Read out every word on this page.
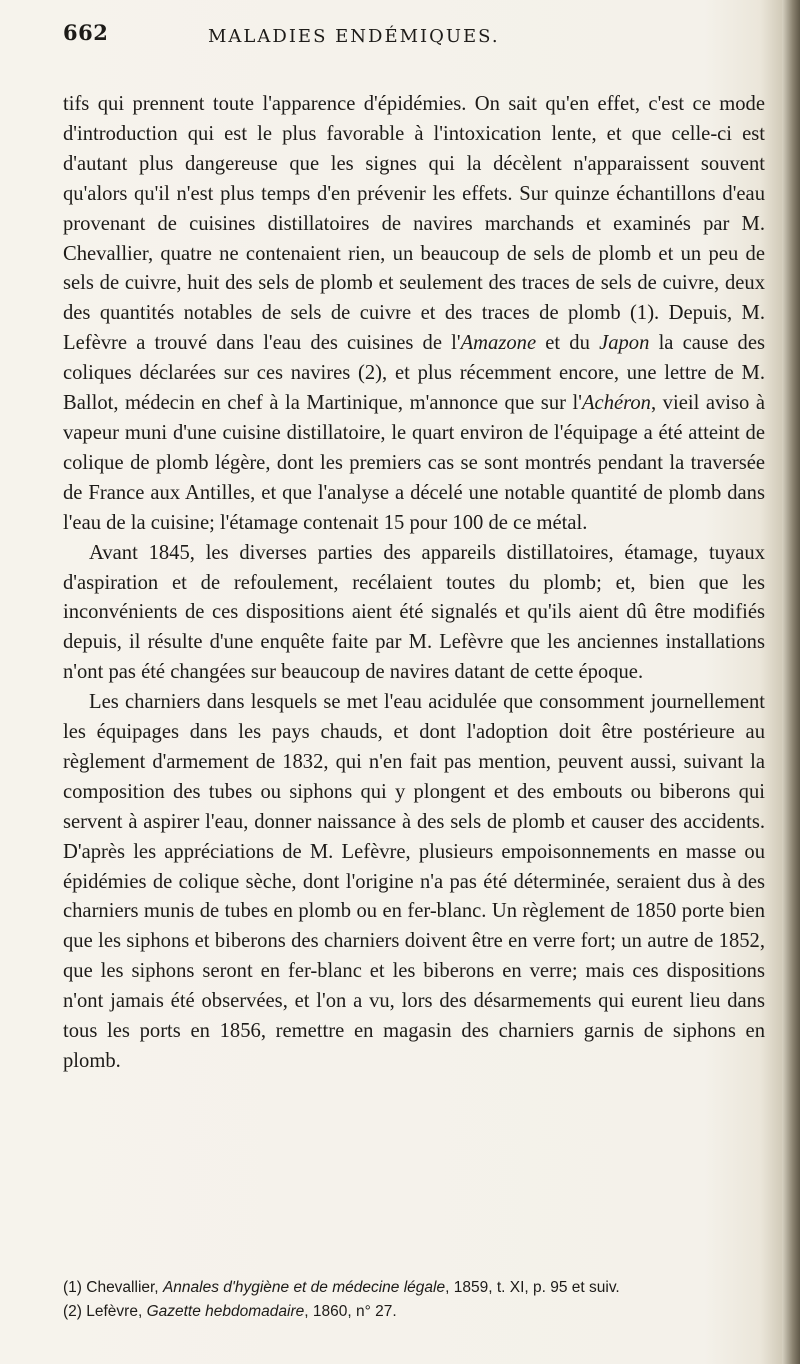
662	MALADIES ENDÉMIQUES.

tifs qui prennent toute l'apparence d'épidémies. On sait qu'en effet, c'est ce mode d'introduction qui est le plus favorable à l'intoxication lente, et que celle-ci est d'autant plus dangereuse que les signes qui la décèlent n'apparaissent souvent qu'alors qu'il n'est plus temps d'en prévenir les effets. Sur quinze échantillons d'eau provenant de cuisines distillatoires de navires marchands et examinés par M. Chevallier, quatre ne contenaient rien, un beaucoup de sels de plomb et un peu de sels de cuivre, huit des sels de plomb et seulement des traces de sels de cuivre, deux des quantités notables de sels de cuivre et des traces de plomb (1). Depuis, M. Lefèvre a trouvé dans l'eau des cuisines de l'Amazone et du Japon la cause des coliques déclarées sur ces navires (2), et plus récemment encore, une lettre de M. Ballot, médecin en chef à la Martinique, m'annonce que sur l'Achéron, vieil aviso à vapeur muni d'une cuisine distillatoire, le quart environ de l'équipage a été atteint de colique de plomb légère, dont les premiers cas se sont montrés pendant la traversée de France aux Antilles, et que l'analyse a décelé une notable quantité de plomb dans l'eau de la cuisine; l'étamage contenait 15 pour 100 de ce métal.

Avant 1845, les diverses parties des appareils distillatoires, étamage, tuyaux d'aspiration et de refoulement, recélaient toutes du plomb; et, bien que les inconvénients de ces dispositions aient été signalés et qu'ils aient dû être modifiés depuis, il résulte d'une enquête faite par M. Lefèvre que les anciennes installations n'ont pas été changées sur beaucoup de navires datant de cette époque.

Les charniers dans lesquels se met l'eau acidulée que consomment journellement les équipages dans les pays chauds, et dont l'adoption doit être postérieure au règlement d'armement de 1832, qui n'en fait pas mention, peuvent aussi, suivant la composition des tubes ou siphons qui y plongent et des embouts ou biberons qui servent à aspirer l'eau, donner naissance à des sels de plomb et causer des accidents. D'après les appréciations de M. Lefèvre, plusieurs empoisonnements en masse ou épidémies de colique sèche, dont l'origine n'a pas été déterminée, seraient dus à des charniers munis de tubes en plomb ou en fer-blanc. Un règlement de 1850 porte bien que les siphons et biberons des charniers doivent être en verre fort; un autre de 1852, que les siphons seront en fer-blanc et les biberons en verre; mais ces dispositions n'ont jamais été observées, et l'on a vu, lors des désarmements qui eurent lieu dans tous les ports en 1856, remettre en magasin des charniers garnis de siphons en plomb.

(1) Chevallier, Annales d'hygiène et de médecine légale, 1859, t. XI, p. 95 et suiv.
(2) Lefèvre, Gazette hebdomadaire, 1860, n° 27.
